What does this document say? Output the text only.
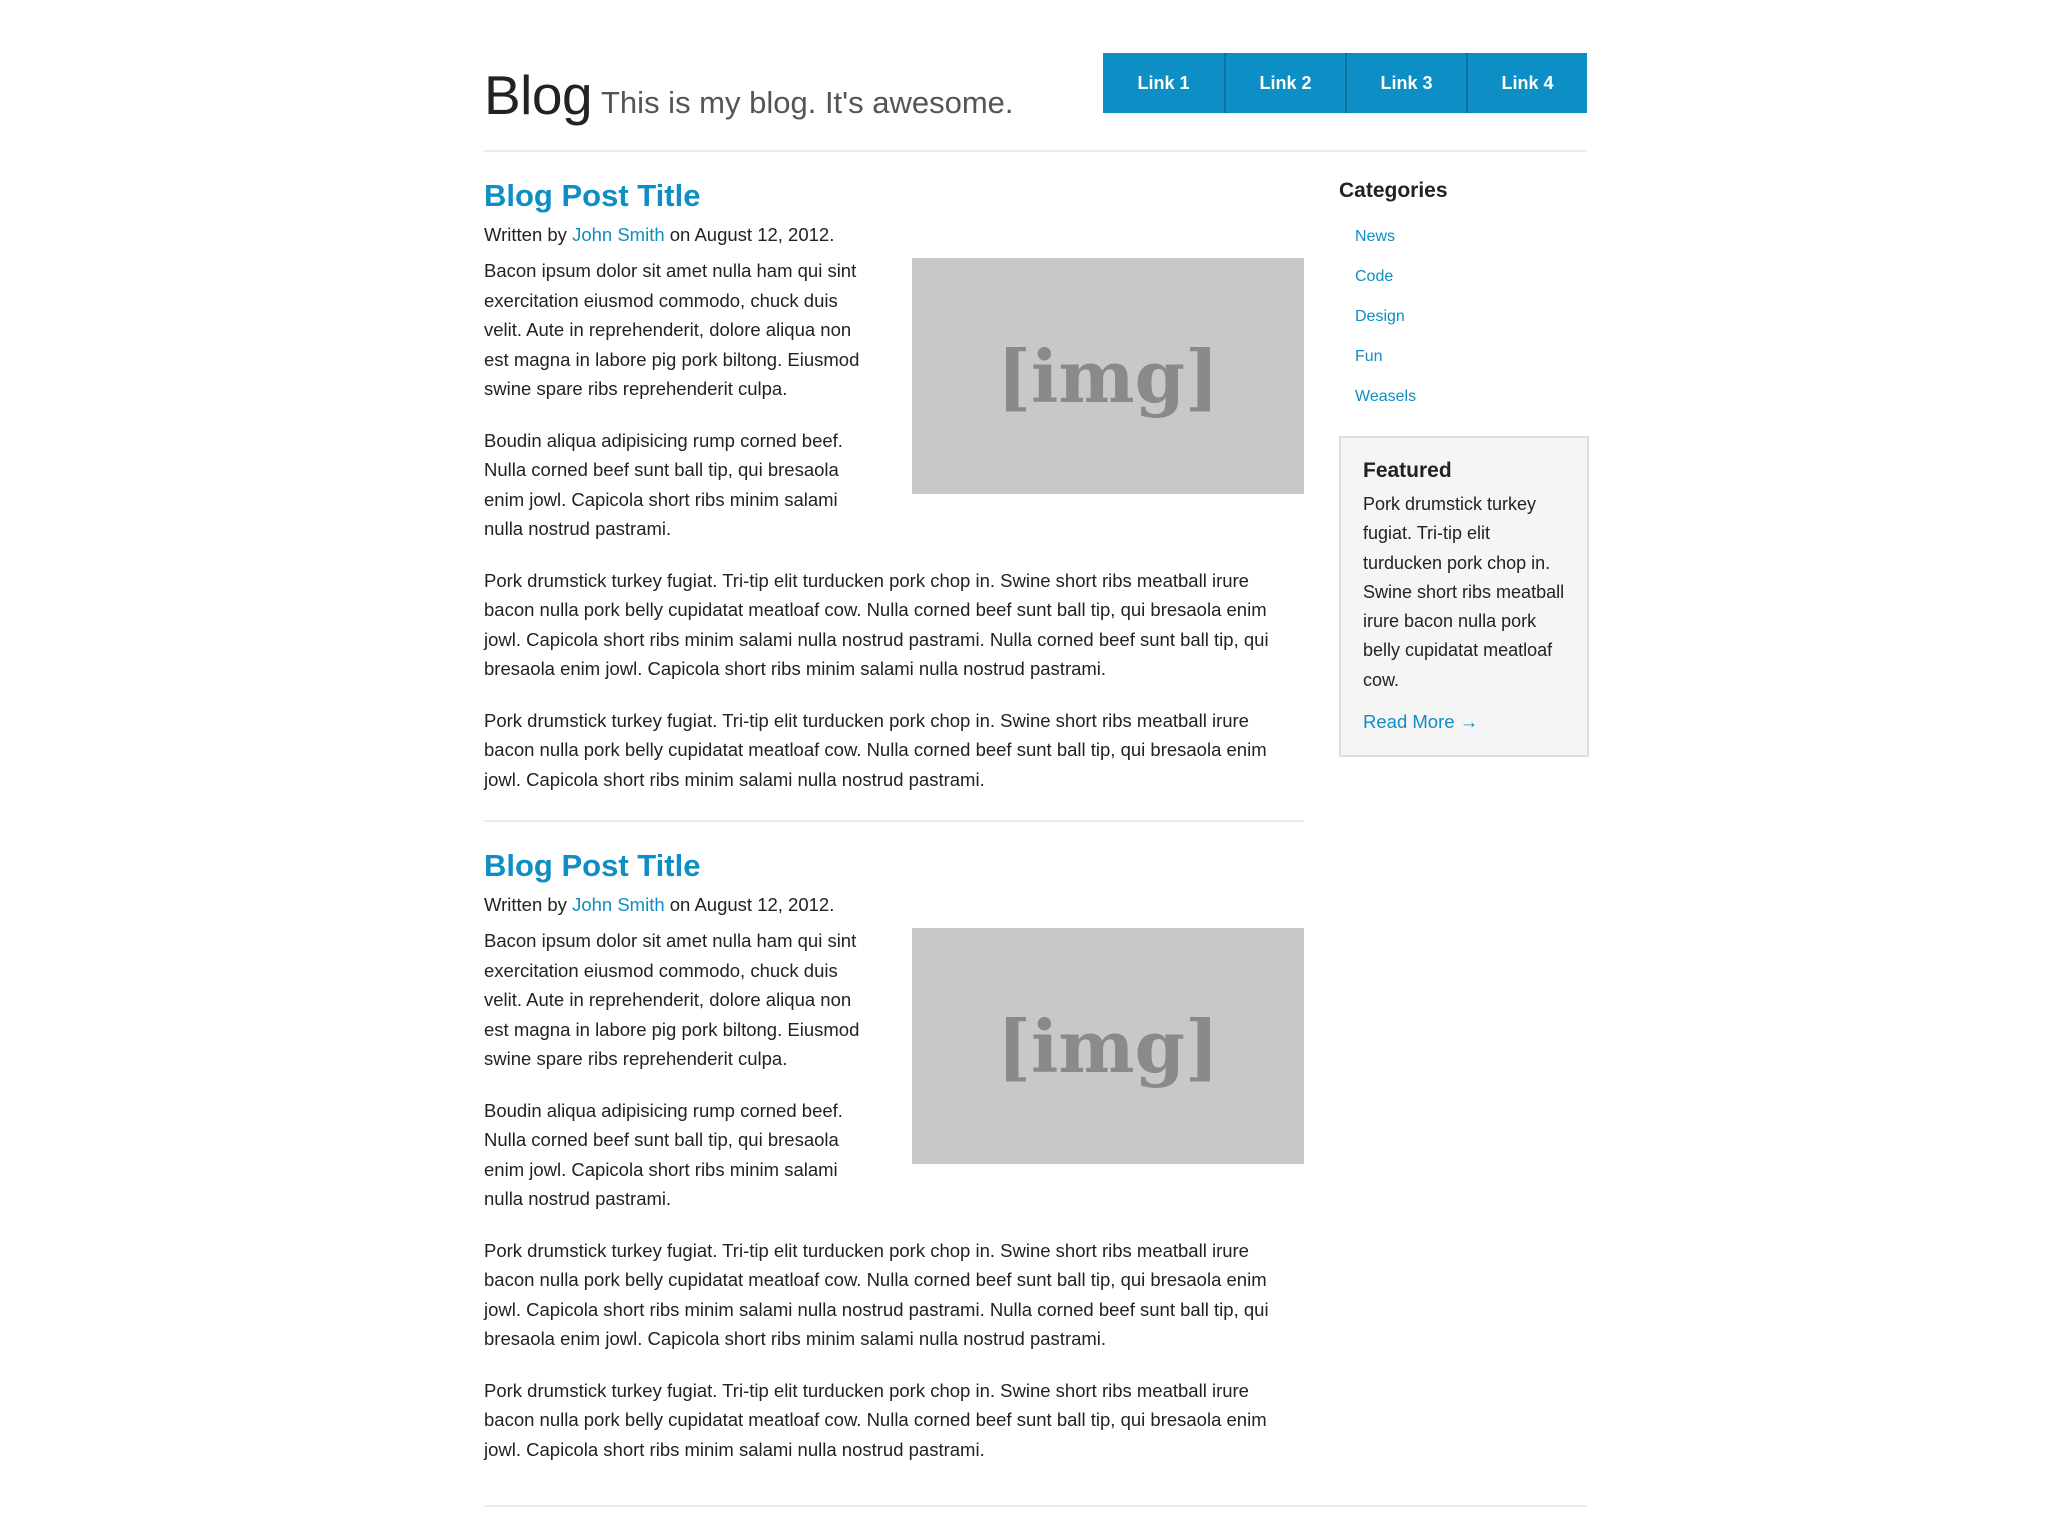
Blog This is my blog. It's awesome.
Link 1	Link 2	Link 3	Link 4
Blog Post Title
Written by John Smith on August 12, 2012.
[img]

Bacon ipsum dolor sit amet nulla ham qui sint exercitation eiusmod commodo, chuck duis velit. Aute in reprehenderit, dolore aliqua non est magna in labore pig pork biltong. Eiusmod swine spare ribs reprehenderit culpa.

Boudin aliqua adipisicing rump corned beef. Nulla corned beef sunt ball tip, qui bresaola enim jowl. Capicola short ribs minim salami nulla nostrud pastrami.

Pork drumstick turkey fugiat. Tri-tip elit turducken pork chop in. Swine short ribs meatball irure bacon nulla pork belly cupidatat meatloaf cow. Nulla corned beef sunt ball tip, qui bresaola enim jowl. Capicola short ribs minim salami nulla nostrud pastrami. Nulla corned beef sunt ball tip, qui bresaola enim jowl. Capicola short ribs minim salami nulla nostrud pastrami.

Pork drumstick turkey fugiat. Tri-tip elit turducken pork chop in. Swine short ribs meatball irure bacon nulla pork belly cupidatat meatloaf cow. Nulla corned beef sunt ball tip, qui bresaola enim jowl. Capicola short ribs minim salami nulla nostrud pastrami.

Blog Post Title
Written by John Smith on August 12, 2012.
[img]

Bacon ipsum dolor sit amet nulla ham qui sint exercitation eiusmod commodo, chuck duis velit. Aute in reprehenderit, dolore aliqua non est magna in labore pig pork biltong. Eiusmod swine spare ribs reprehenderit culpa.

Boudin aliqua adipisicing rump corned beef. Nulla corned beef sunt ball tip, qui bresaola enim jowl. Capicola short ribs minim salami nulla nostrud pastrami.

Pork drumstick turkey fugiat. Tri-tip elit turducken pork chop in. Swine short ribs meatball irure bacon nulla pork belly cupidatat meatloaf cow. Nulla corned beef sunt ball tip, qui bresaola enim jowl. Capicola short ribs minim salami nulla nostrud pastrami. Nulla corned beef sunt ball tip, qui bresaola enim jowl. Capicola short ribs minim salami nulla nostrud pastrami.

Pork drumstick turkey fugiat. Tri-tip elit turducken pork chop in. Swine short ribs meatball irure bacon nulla pork belly cupidatat meatloaf cow. Nulla corned beef sunt ball tip, qui bresaola enim jowl. Capicola short ribs minim salami nulla nostrud pastrami.

Categories
News
Code
Design
Fun
Weasels
Featured

Pork drumstick turkey fugiat. Tri-tip elit turducken pork chop in. Swine short ribs meatball irure bacon nulla pork belly cupidatat meatloaf cow.

Read More →
